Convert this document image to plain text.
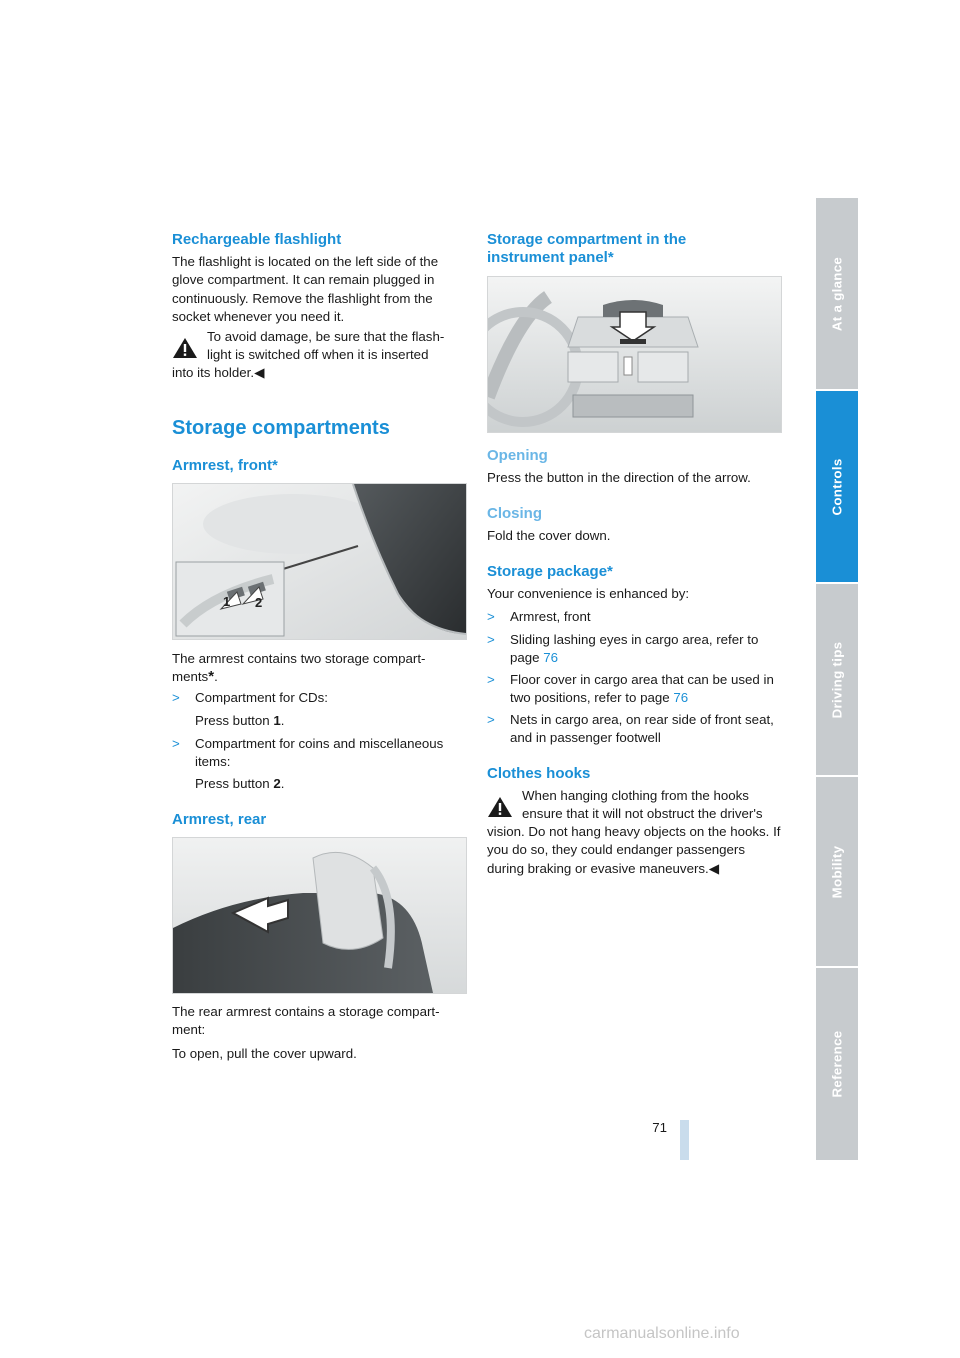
Rechargeable flashlight

The flashlight is located on the left side of the glove compartment. It can remain plugged in continuously. Remove the flashlight from the socket whenever you need it.

To avoid damage, be sure that the flash-

light is switched off when it is inserted

into its holder.◀

Storage compartments
Armrest, front*
1 2

The armrest contains two storage compart-
ments*.

> Compartment for CDs:

Press button 1.

> Compartment for coins and miscellaneous items:

Press button 2.

Armrest, rear

The rear armrest contains a storage compart-ment:

To open, pull the cover upward.

Storage compartment in the instrument panel*
Opening

Press the button in the direction of the arrow.

Closing

Fold the cover down.

Storage package*

Your convenience is enhanced by:

> Armrest, front

> Sliding lashing eyes in cargo area, refer to page 76

> Floor cover in cargo area that can be used in two positions, refer to page 76

> Nets in cargo area, on rear side of front seat, and in passenger footwell

Clothes hooks

When hanging clothing from the hooks

ensure that it will not obstruct the driver's

vision. Do not hang heavy objects on the hooks. If you do so, they could endanger passengers during braking or evasive maneuvers.◀

At a glance
Controls
Driving tips
Mobility
Reference
71
carmanualsonline.info
